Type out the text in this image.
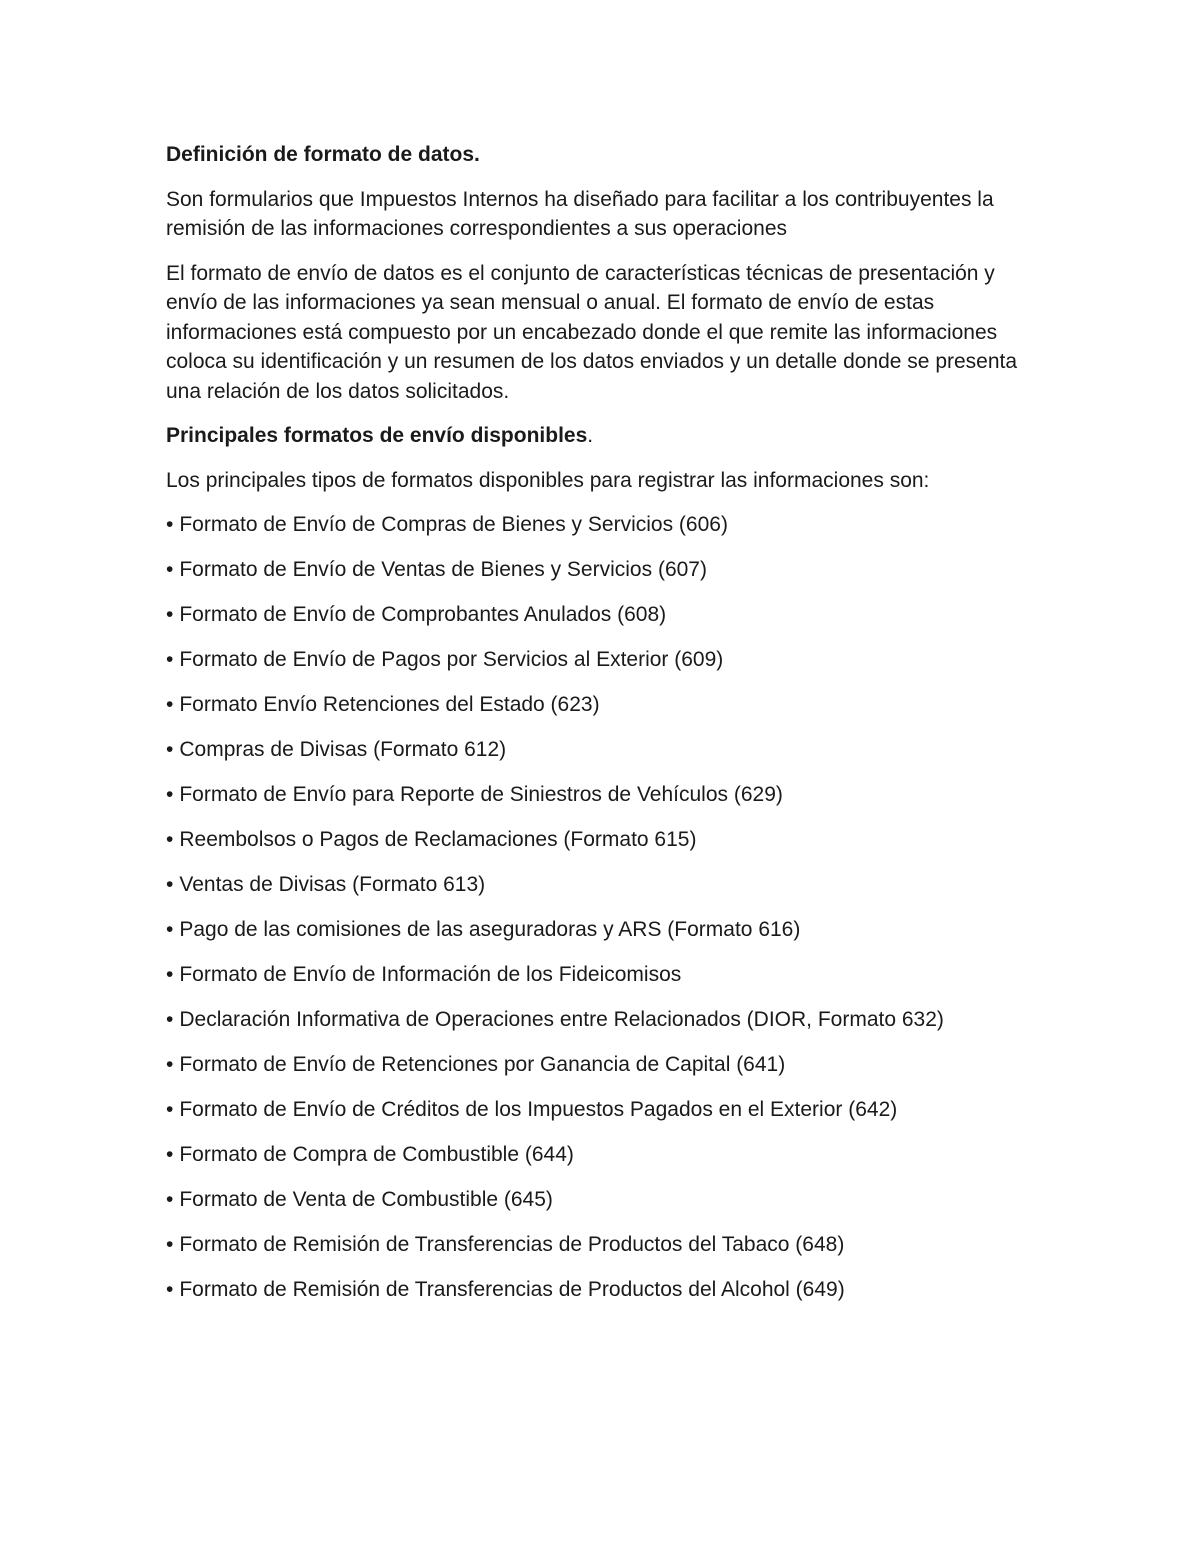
Definición de formato de datos.

Son formularios que Impuestos Internos ha diseñado para facilitar a los contribuyentes la remisión de las informaciones correspondientes a sus operaciones

El formato de envío de datos es el conjunto de características técnicas de presentación y envío de las informaciones ya sean mensual o anual. El formato de envío de estas informaciones está compuesto por un encabezado donde el que remite las informaciones coloca su identificación y un resumen de los datos enviados y un detalle donde se presenta una relación de los datos solicitados.

Principales formatos de envío disponibles.

Los principales tipos de formatos disponibles para registrar las informaciones son:

• Formato de Envío de Compras de Bienes y Servicios (606)
• Formato de Envío de Ventas de Bienes y Servicios (607)
• Formato de Envío de Comprobantes Anulados (608)
• Formato de Envío de Pagos por Servicios al Exterior (609)
• Formato Envío Retenciones del Estado (623)
• Compras de Divisas (Formato 612)
• Formato de Envío para Reporte de Siniestros de Vehículos (629)
• Reembolsos o Pagos de Reclamaciones (Formato 615)
• Ventas de Divisas (Formato 613)
• Pago de las comisiones de las aseguradoras y ARS (Formato 616)
• Formato de Envío de Información de los Fideicomisos
• Declaración Informativa de Operaciones entre Relacionados (DIOR, Formato 632)
• Formato de Envío de Retenciones por Ganancia de Capital (641)
• Formato de Envío de Créditos de los Impuestos Pagados en el Exterior (642)
• Formato de Compra de Combustible (644)
• Formato de Venta de Combustible (645)
• Formato de Remisión de Transferencias de Productos del Tabaco (648)
• Formato de Remisión de Transferencias de Productos del Alcohol (649)
